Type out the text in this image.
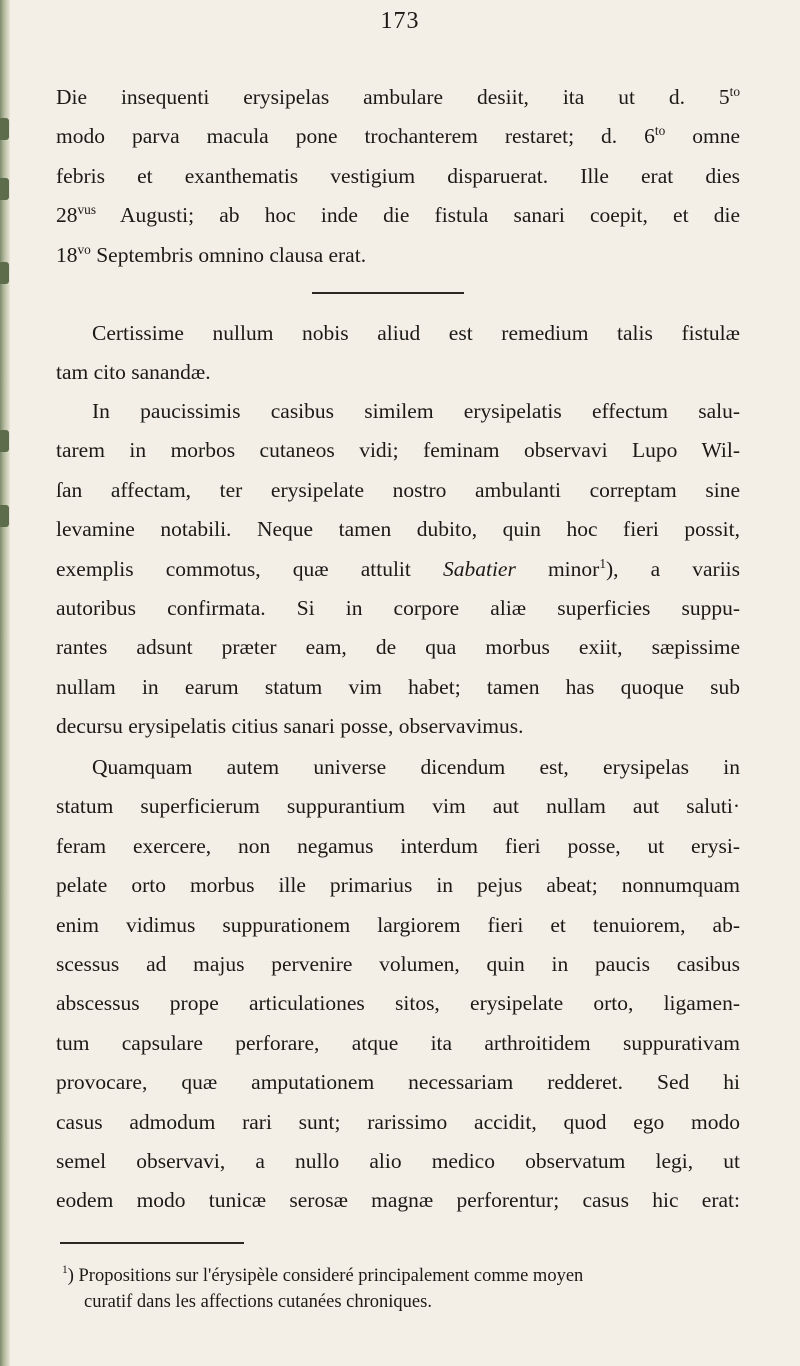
173
Die insequenti erysipelas ambulare desiit, ita ut d. $5^{to}$
modo parva macula pone trochanterem restaret; d. $6^{to}$ omne
febris et exanthematis vestigium disparuerat. Ille erat dies
$28^{vus}$ Augusti; ab hoc inde die fistula sanari coepit, et die
$18^{vo}$ Septembris omnino clausa erat.
Certissime nullum nobis aliud est remedium talis fistulæ
tam cito sanandæ.
In paucissimis casibus similem erysipelatis effectum salu-
tarem in morbos cutaneos vidi; feminam observavi Lupo Wil-
ſan affectam, ter erysipelate nostro ambulanti correptam sine
levamine notabili. Neque tamen dubito, quin hoc fieri possit,
exemplis commotus, quæ attulit Sabatier minor$^1$), a variis
autoribus confirmata. Si in corpore aliæ superficies suppu-
rantes adsunt præter eam, de qua morbus exiit, sæpissime
nullam in earum statum vim habet; tamen has quoque sub
decursu erysipelatis citius sanari posse, observavimus.
Quamquam autem universe dicendum est, erysipelas in
statum superficierum suppurantium vim aut nullam aut saluti·
feram exercere, non negamus interdum fieri posse, ut erysi-
pelate orto morbus ille primarius in pejus abeat; nonnumquam
enim vidimus suppurationem largiorem fieri et tenuiorem, ab-
scessus ad majus pervenire volumen, quin in paucis casibus
abscessus prope articulationes sitos, erysipelate orto, ligamen-
tum capsulare perforare, atque ita arthroitidem suppurativam
provocare, quæ amputationem necessariam redderet. Sed hi
casus admodum rari sunt; rarissimo accidit, quod ego modo
semel observavi, a nullo alio medico observatum legi, ut
eodem modo tunicæ serosæ magnæ perforentur; casus hic erat:
$^1$) Propositions sur l'érysipèle consideré principalement comme moyen
curatif dans les affections cutanées chroniques.
